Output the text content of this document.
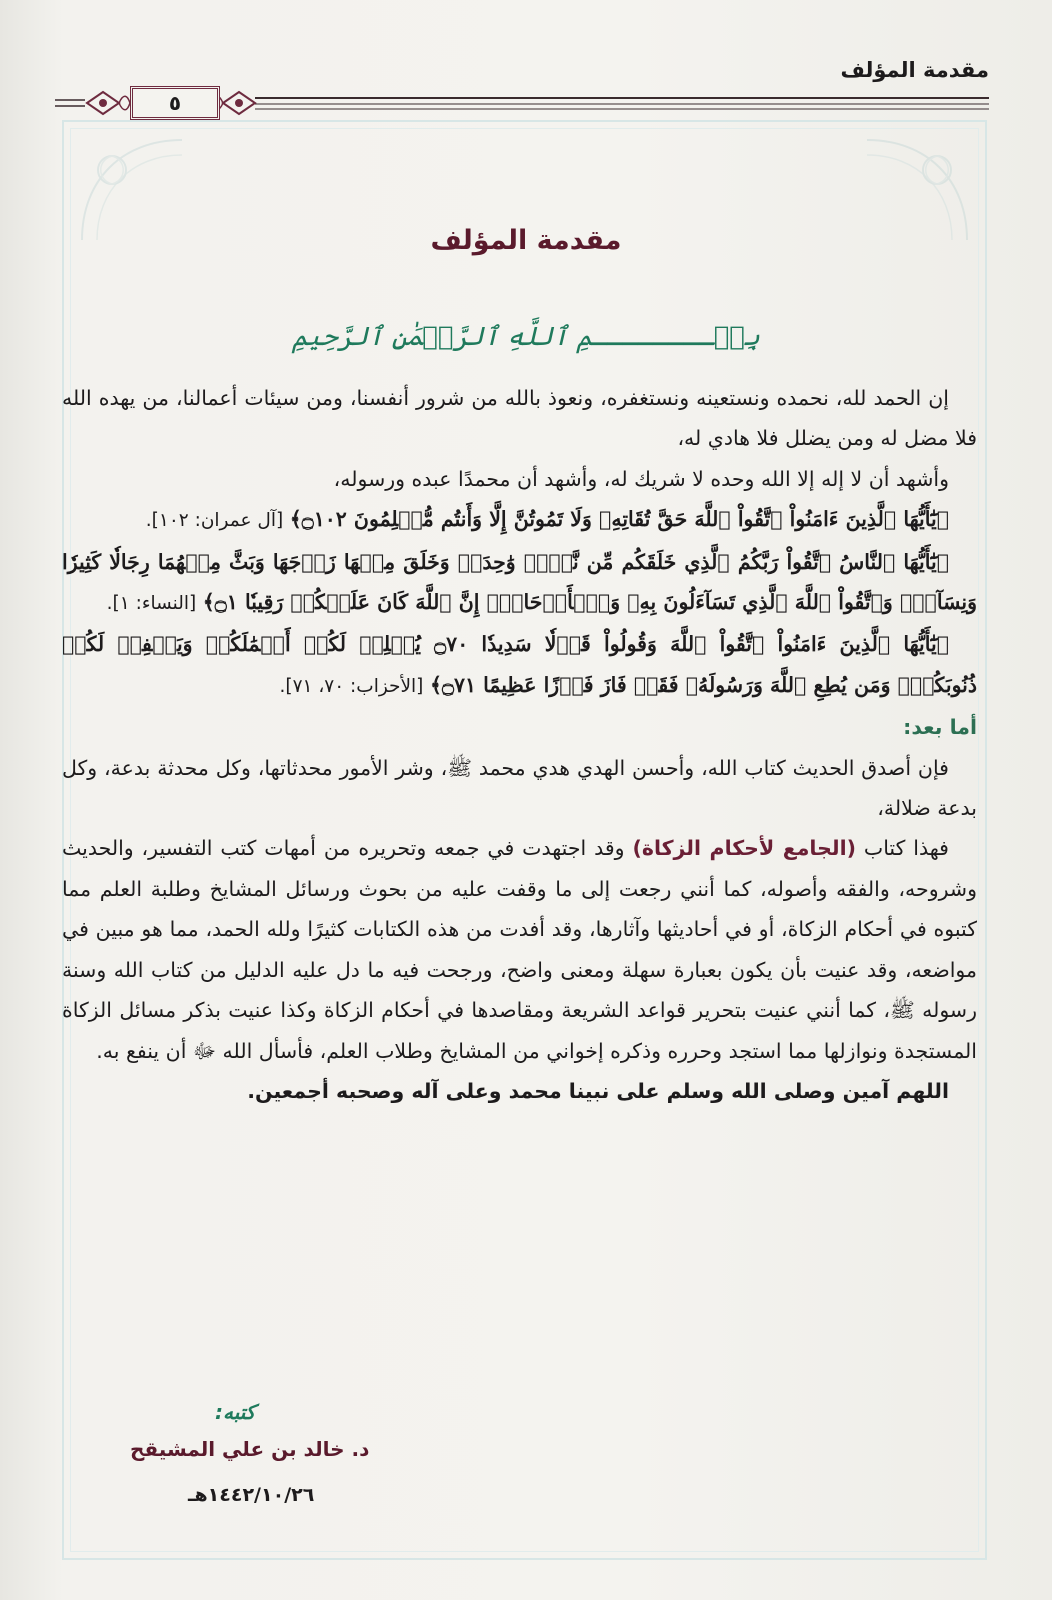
مقدمة المؤلف
٥
مقدمة المؤلف
بِسۡــــــــمِ ٱللَّهِ ٱلرَّحۡمَٰنِ ٱلرَّحِيمِ

إن الحمد لله، نحمده ونستعينه ونستغفره، ونعوذ بالله من شرور أنفسنا، ومن سيئات أعمالنا، من يهده الله فلا مضل له ومن يضلل فلا هادي له،

وأشهد أن لا إله إلا الله وحده لا شريك له، وأشهد أن محمدًا عبده ورسوله،

﴿يَٰٓأَيُّهَا ٱلَّذِينَ ءَامَنُواْ ٱتَّقُواْ ٱللَّهَ حَقَّ تُقَاتِهِۦ وَلَا تَمُوتُنَّ إِلَّا وَأَنتُم مُّسۡلِمُونَ ۝١٠٢﴾ [آل عمران: ١٠٢].

﴿يَٰٓأَيُّهَا ٱلنَّاسُ ٱتَّقُواْ رَبَّكُمُ ٱلَّذِي خَلَقَكُم مِّن نَّفۡسٖ وَٰحِدَةٖ وَخَلَقَ مِنۡهَا زَوۡجَهَا وَبَثَّ مِنۡهُمَا رِجَالٗا كَثِيرٗا وَنِسَآءٗۚ وَٱتَّقُواْ ٱللَّهَ ٱلَّذِي تَسَآءَلُونَ بِهِۦ وَٱلۡأَرۡحَامَۚ إِنَّ ٱللَّهَ كَانَ عَلَيۡكُمۡ رَقِيبٗا ۝١﴾ [النساء: ١].

﴿يَٰٓأَيُّهَا ٱلَّذِينَ ءَامَنُواْ ٱتَّقُواْ ٱللَّهَ وَقُولُواْ قَوۡلٗا سَدِيدٗا ۝٧٠ يُصۡلِحۡ لَكُمۡ أَعۡمَٰلَكُمۡ وَيَغۡفِرۡ لَكُمۡ ذُنُوبَكُمۡۗ وَمَن يُطِعِ ٱللَّهَ وَرَسُولَهُۥ فَقَدۡ فَازَ فَوۡزًا عَظِيمًا ۝٧١﴾ [الأحزاب: ٧٠، ٧١].

أما بعد:

فإن أصدق الحديث كتاب الله، وأحسن الهدي هدي محمد ﷺ، وشر الأمور محدثاتها، وكل محدثة بدعة، وكل بدعة ضلالة،

فهذا كتاب (الجامع لأحكام الزكاة) وقد اجتهدت في جمعه وتحريره من أمهات كتب التفسير، والحديث وشروحه، والفقه وأصوله، كما أنني رجعت إلى ما وقفت عليه من بحوث ورسائل المشايخ وطلبة العلم مما كتبوه في أحكام الزكاة، أو في أحاديثها وآثارها، وقد أفدت من هذه الكتابات كثيرًا ولله الحمد، مما هو مبين في مواضعه، وقد عنيت بأن يكون بعبارة سهلة ومعنى واضح، ورجحت فيه ما دل عليه الدليل من كتاب الله وسنة رسوله ﷺ، كما أنني عنيت بتحرير قواعد الشريعة ومقاصدها في أحكام الزكاة وكذا عنيت بذكر مسائل الزكاة المستجدة ونوازلها مما استجد وحرره وذكره إخواني من المشايخ وطلاب العلم، فأسأل الله ﷻ أن ينفع به.

اللهم آمين وصلى الله وسلم على نبينا محمد وعلى آله وصحبه أجمعين.

كتبه:
د. خالد بن علي المشيقح
١٤٤٢/١٠/٢٦هـ
